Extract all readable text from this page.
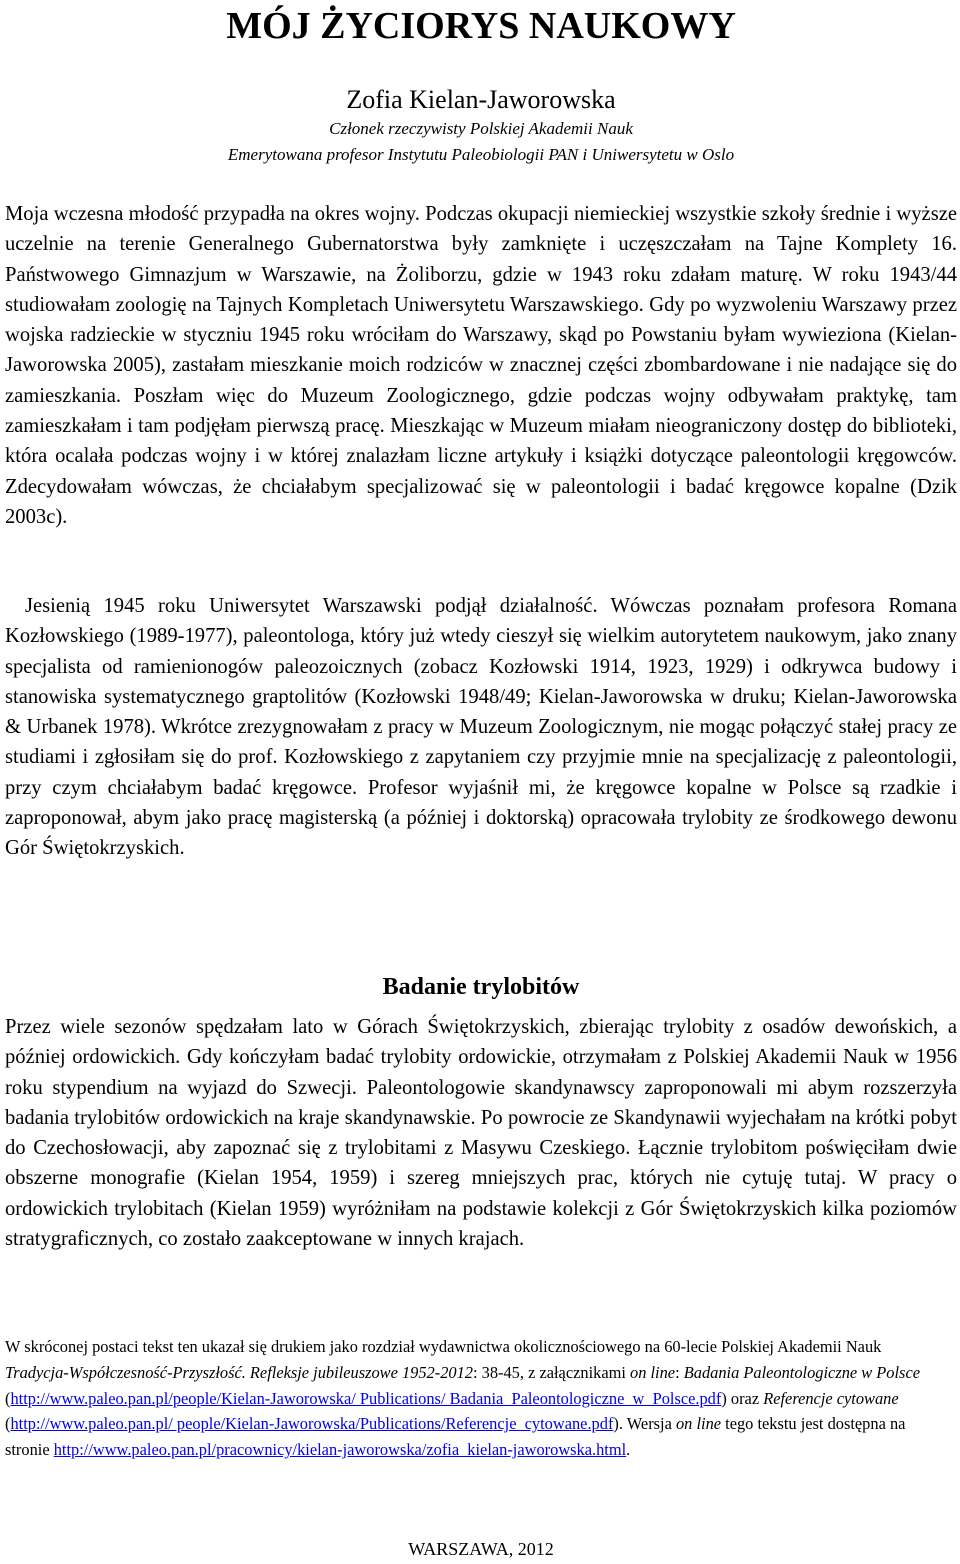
MÓJ ŻYCIORYS NAUKOWY
Zofia Kielan-Jaworowska
Członek rzeczywisty Polskiej Akademii Nauk
Emerytowana profesor Instytutu Paleobiologii PAN i Uniwersytetu w Oslo

Moja wczesna młodość przypadła na okres wojny. Podczas okupacji niemieckiej wszystkie szkoły średnie i wyższe uczelnie na terenie Generalnego Gubernatorstwa były zamknięte i uczęszczałam na Tajne Komplety 16. Państwowego Gimnazjum w Warszawie, na Żoliborzu, gdzie w 1943 roku zdałam maturę. W roku 1943/44 studiowałam zoologię na Tajnych Kompletach Uniwersytetu Warszawskiego. Gdy po wyzwoleniu Warszawy przez wojska radzieckie w styczniu 1945 roku wróciłam do Warszawy, skąd po Powstaniu byłam wywieziona (Kielan-Jaworowska 2005), zastałam mieszkanie moich rodziców w znacznej części zbombardowane i nie nadające się do zamieszkania. Poszłam więc do Muzeum Zoologicznego, gdzie podczas wojny odbywałam praktykę, tam zamieszkałam i tam podjęłam pierwszą pracę. Mieszkając w Muzeum miałam nieograniczony dostęp do biblioteki, która ocalała podczas wojny i w której znalazłam liczne artykuły i książki dotyczące paleontologii kręgowców. Zdecydowałam wówczas, że chciałabym specjalizować się w paleontologii i badać kręgowce kopalne (Dzik 2003c).

Jesienią 1945 roku Uniwersytet Warszawski podjął działalność. Wówczas poznałam profesora Romana Kozłowskiego (1989-1977), paleontologa, który już wtedy cieszył się wielkim autorytetem naukowym, jako znany specjalista od ramienionogów paleozoicznych (zobacz Kozłowski 1914, 1923, 1929) i odkrywca budowy i stanowiska systematycznego graptolitów (Kozłowski 1948/49; Kielan-Jaworowska w druku; Kielan-Jaworowska & Urbanek 1978). Wkrótce zrezygnowałam z pracy w Muzeum Zoologicznym, nie mogąc połączyć stałej pracy ze studiami i zgłosiłam się do prof. Kozłowskiego z zapytaniem czy przyjmie mnie na specjalizację z paleontologii, przy czym chciałabym badać kręgowce. Profesor wyjaśnił mi, że kręgowce kopalne w Polsce są rzadkie i zaproponował, abym jako pracę magisterską (a później i doktorską) opracowała trylobity ze środkowego dewonu Gór Świętokrzyskich.

Badanie trylobitów

Przez wiele sezonów spędzałam lato w Górach Świętokrzyskich, zbierając trylobity z osadów dewońskich, a później ordowickich. Gdy kończyłam badać trylobity ordowickie, otrzymałam z Polskiej Akademii Nauk w 1956 roku stypendium na wyjazd do Szwecji. Paleontologowie skandynawscy zaproponowali mi abym rozszerzyła badania trylobitów ordowickich na kraje skandynawskie. Po powrocie ze Skandynawii wyjechałam na krótki pobyt do Czechosłowacji, aby zapoznać się z trylobitami z Masywu Czeskiego. Łącznie trylobitom poświęciłam dwie obszerne monografie (Kielan 1954, 1959) i szereg mniejszych prac, których nie cytuję tutaj. W pracy o ordowickich trylobitach (Kielan 1959) wyróżniłam na podstawie kolekcji z Gór Świętokrzyskich kilka poziomów stratygraficznych, co zostało zaakceptowane w innych krajach.

W skróconej postaci tekst ten ukazał się drukiem jako rozdział wydawnictwa okolicznościowego na 60-lecie Polskiej Akademii Nauk Tradycja-Współczesność-Przyszłość. Refleksje jubileuszowe 1952-2012: 38-45, z załącznikami on line: Badania Paleontologiczne w Polsce (http://www.paleo.pan.pl/people/Kielan-Jaworowska/ Publications/ Badania_Paleontologiczne_w_Polsce.pdf) oraz Referencje cytowane (http://www.paleo.pan.pl/ people/Kielan-Jaworowska/Publications/Referencje_cytowane.pdf). Wersja on line tego tekstu jest dostępna na stronie http://www.paleo.pan.pl/pracownicy/kielan-jaworowska/zofia_kielan-jaworowska.html.

WARSZAWA, 2012
